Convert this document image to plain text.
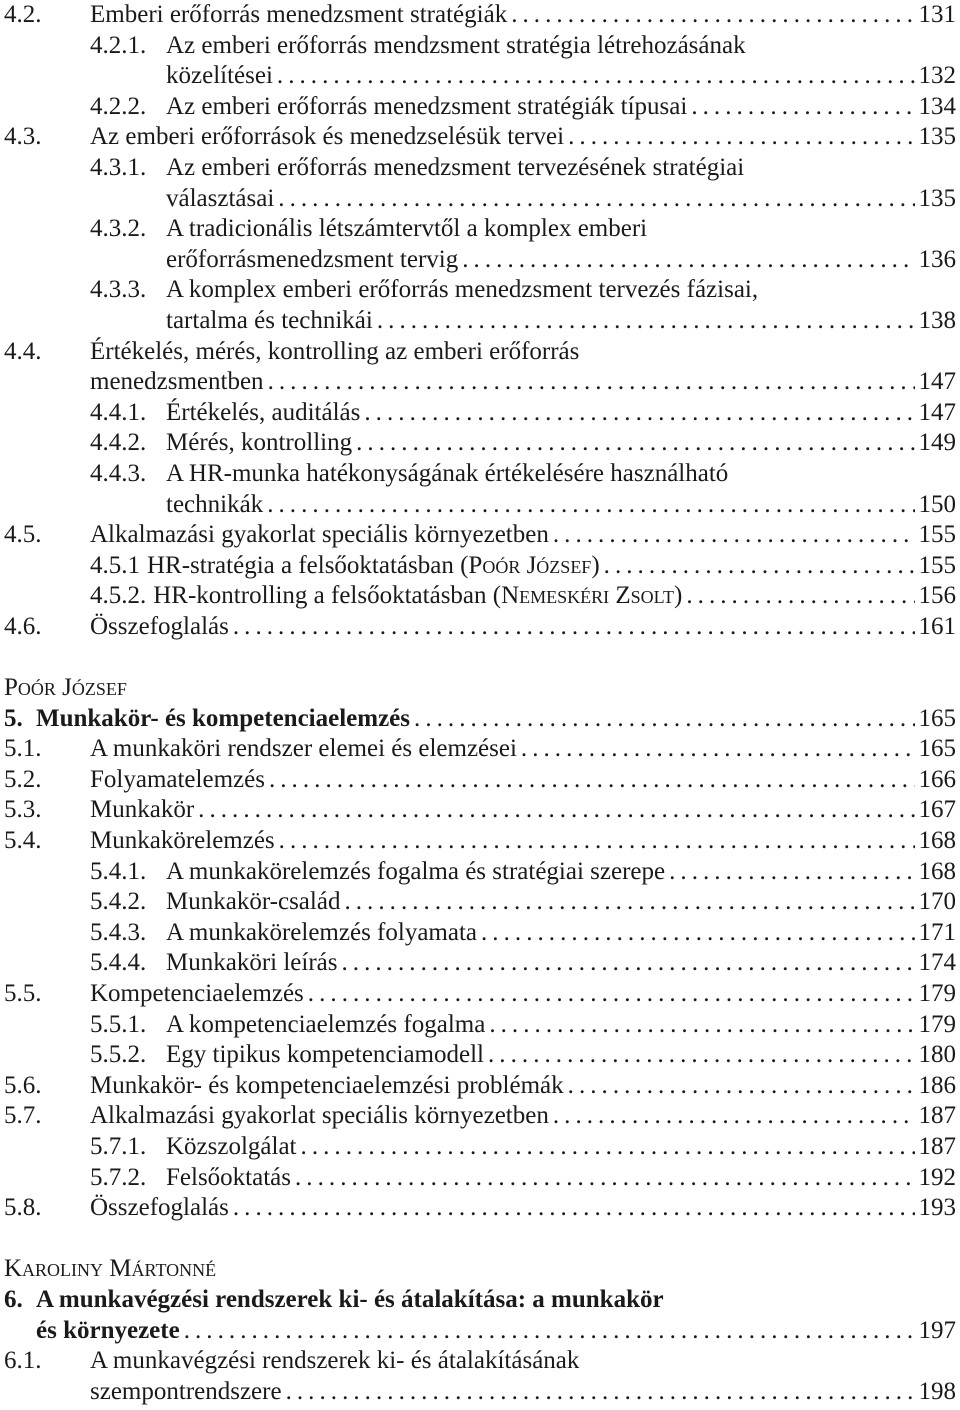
4.2.	Emberi erőforrás menedzsment stratégiák . . .	131
4.2.1. Az emberi erőforrás mendzsment stratégia létrehozásának
közelítései . . .	132
4.2.2. Az emberi erőforrás menedzsment stratégiák típusai . . .	134
4.3.	Az emberi erőforrások és menedzselésük tervei . . .	135
4.3.1. Az emberi erőforrás menedzsment tervezésének stratégiai
választásai . . .	135
4.3.2. A tradicionális létszámtervtől a komplex emberi
erőforrásmenedzsment tervig . . .	136
4.3.3. A komplex emberi erőforrás menedzsment tervezés fázisai,
tartalma és technikái . . .	138
4.4.	Értékelés, mérés, kontrolling az emberi erőforrás
menedzsmentben . . .	147
4.4.1. Értékelés, auditálás . . .	147
4.4.2. Mérés, kontrolling . . .	149
4.4.3. A HR-munka hatékonyságának értékelésére használható
technikák . . .	150
4.5.	Alkalmazási gyakorlat speciális környezetben . . .	155
4.5.1 HR-stratégia a felsőoktatásban (Poór József) . . .	155
4.5.2. HR-kontrolling a felsőoktatásban (Nemeskéri Zsolt) . . .	156
4.6.	Összefoglalás . . .	161
Poór József
5. Munkakör- és kompetenciaelemzés . . .	165
5.1.	A munkaköri rendszer elemei és elemzései . . .	165
5.2.	Folyamatelemzés . . .	166
5.3.	Munkakör . . .	167
5.4.	Munkakörelemzés . . .	168
5.4.1. A munkakörelemzés fogalma és stratégiai szerepe . . .	168
5.4.2. Munkakör-család . . .	170
5.4.3. A munkakörelemzés folyamata . . .	171
5.4.4. Munkaköri leírás . . .	174
5.5.	Kompetenciaelemzés . . .	179
5.5.1. A kompetenciaelemzés fogalma . . .	179
5.5.2. Egy tipikus kompetenciamodell . . .	180
5.6.	Munkakör- és kompetenciaelemzési problémák . . .	186
5.7.	Alkalmazási gyakorlat speciális környezetben . . .	187
5.7.1. Közszolgálat . . .	187
5.7.2. Felsőoktatás . . .	192
5.8.	Összefoglalás . . .	193
Karoliny Mártonné
6. A munkavégzési rendszerek ki- és átalakítása: a munkakör
és környezete . . .	197
6.1.	A munkavégzési rendszerek ki- és átalakításának
szempontrendszere . . .	198
